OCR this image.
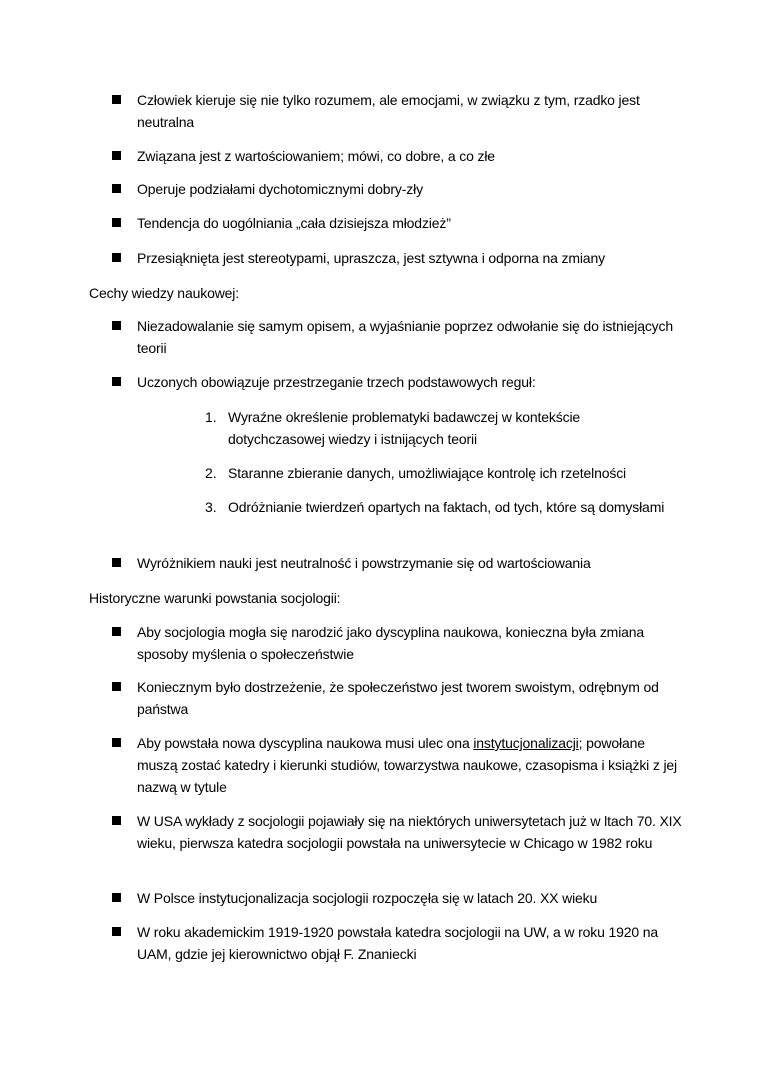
Człowiek kieruje się nie tylko rozumem, ale emocjami, w związku z tym, rzadko jest neutralna
Związana jest z wartościowaniem; mówi, co dobre, a co złe
Operuje podziałami dychotomicznymi dobry-zły
Tendencja do uogólniania „cała dzisiejsza młodzież”
Przesiąknięta jest stereotypami, upraszcza, jest sztywna i odporna na zmiany
Cechy wiedzy naukowej:
Niezadowalanie się samym opisem, a wyjaśnianie poprzez odwołanie się do istniejących teorii
Uczonych obowiązuje przestrzeganie trzech podstawowych reguł:
1. Wyraźne określenie problematyki badawczej w kontekście dotychczasowej wiedzy i istnijących teorii
2. Staranne zbieranie danych, umożliwiające kontrolę ich rzetelności
3. Odróżnianie twierdzeń opartych na faktach, od tych, które są domysłami
Wyróżnikiem nauki jest neutralność i powstrzymanie się od wartościowania
Historyczne warunki powstania socjologii:
Aby socjologia mogła się narodzić jako dyscyplina naukowa, konieczna była zmiana sposoby myślenia o społeczeństwie
Koniecznym było dostrzeżenie, że społeczeństwo jest tworem swoistym, odrębnym od państwa
Aby powstała nowa dyscyplina naukowa musi ulec ona instytucjonalizacji; powołane muszą zostać katedry i kierunki studiów, towarzystwa naukowe, czasopisma i książki z jej nazwą w tytule
W USA wykłady z socjologii pojawiały się na niektórych uniwersytetach już w ltach 70. XIX wieku, pierwsza katedra socjologii powstała na uniwersytecie w Chicago w 1982 roku
W Polsce instytucjonalizacja socjologii rozpoczęła się w latach 20. XX wieku
W roku akademickim 1919-1920 powstała katedra socjologii na UW, a w roku 1920 na UAM, gdzie jej kierownictwo objął F. Znaniecki
